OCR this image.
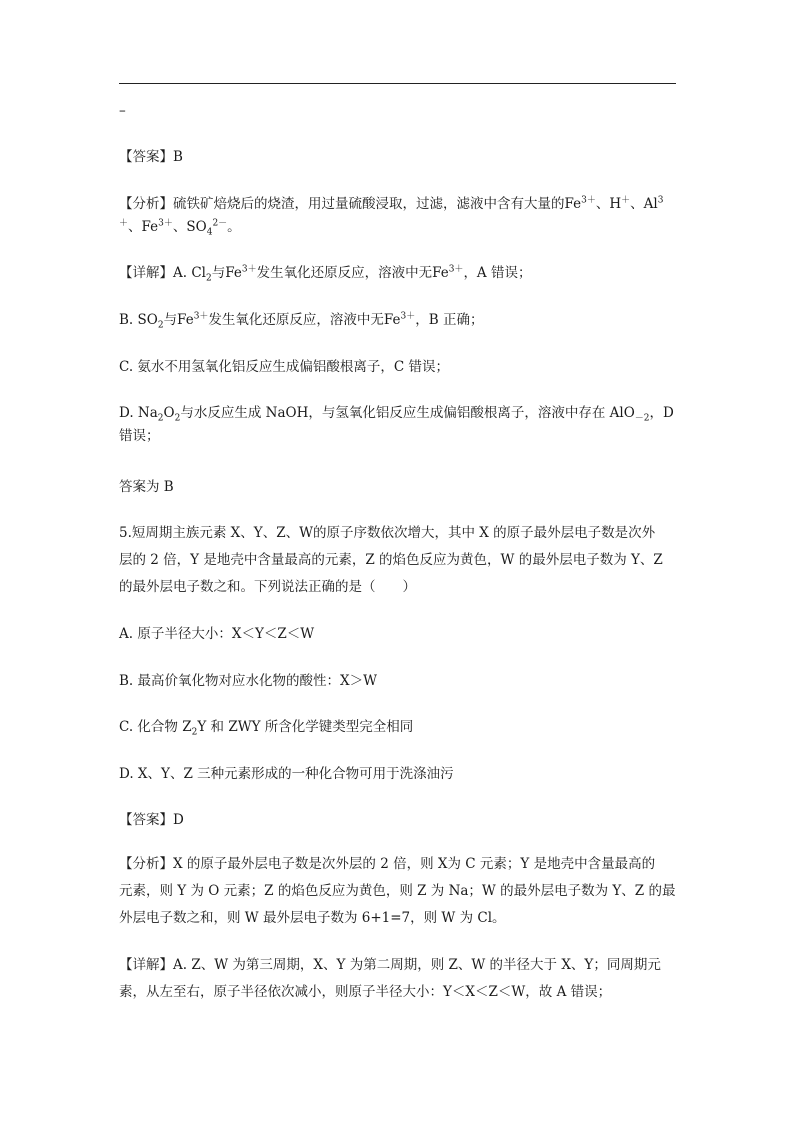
–
【答案】B
【分析】硫铁矿焙烧后的烧渣，用过量硫酸浸取，过滤，滤液中含有大量的$Fe^{3+}$、H＋、Al$^3$
＋、$Fe^{3+}$、$SO_4^{2-}$。
【详解】A. $Cl_2$与$Fe^{3+}$发生氧化还原反应，溶液中无$Fe^{3+}$，A 错误；
B. $SO_2$与$Fe^{3+}$发生氧化还原反应，溶液中无$Fe^{3+}$，B 正确；
C. 氨水不用氢氧化铝反应生成偏铝酸根离子，C 错误；
D. $Na_2O_2$与水反应生成 NaOH，与氢氧化铝反应生成偏铝酸根离子，溶液中存在 AlO$_{-2}$，D
错误；
答案为 B
5.短周期主族元素 X、Y、Z、W的原子序数依次增大，其中 X 的原子最外层电子数是次外
层的 2 倍，Y 是地壳中含量最高的元素，Z 的焰色反应为黄色，W 的最外层电子数为 Y、Z
的最外层电子数之和。下列说法正确的是（　　）
A. 原子半径大小：X＜Y＜Z＜W
B. 最高价氧化物对应水化物的酸性：X＞W
C. 化合物 $Z_2Y$ 和 ZWY 所含化学键类型完全相同
D. X、Y、Z 三种元素形成的一种化合物可用于洗涤油污
【答案】D
【分析】X 的原子最外层电子数是次外层的 2 倍，则 X为 C 元素；Y 是地壳中含量最高的
元素，则 Y 为 O 元素；Z 的焰色反应为黄色，则 Z 为 Na；W 的最外层电子数为 Y、Z 的最
外层电子数之和，则 W 最外层电子数为 6+1=7，则 W 为 Cl。
【详解】A. Z、W 为第三周期，X、Y 为第二周期，则 Z、W 的半径大于 X、Y；同周期元
素，从左至右，原子半径依次减小，则原子半径大小：Y＜X＜Z＜W，故 A 错误；
